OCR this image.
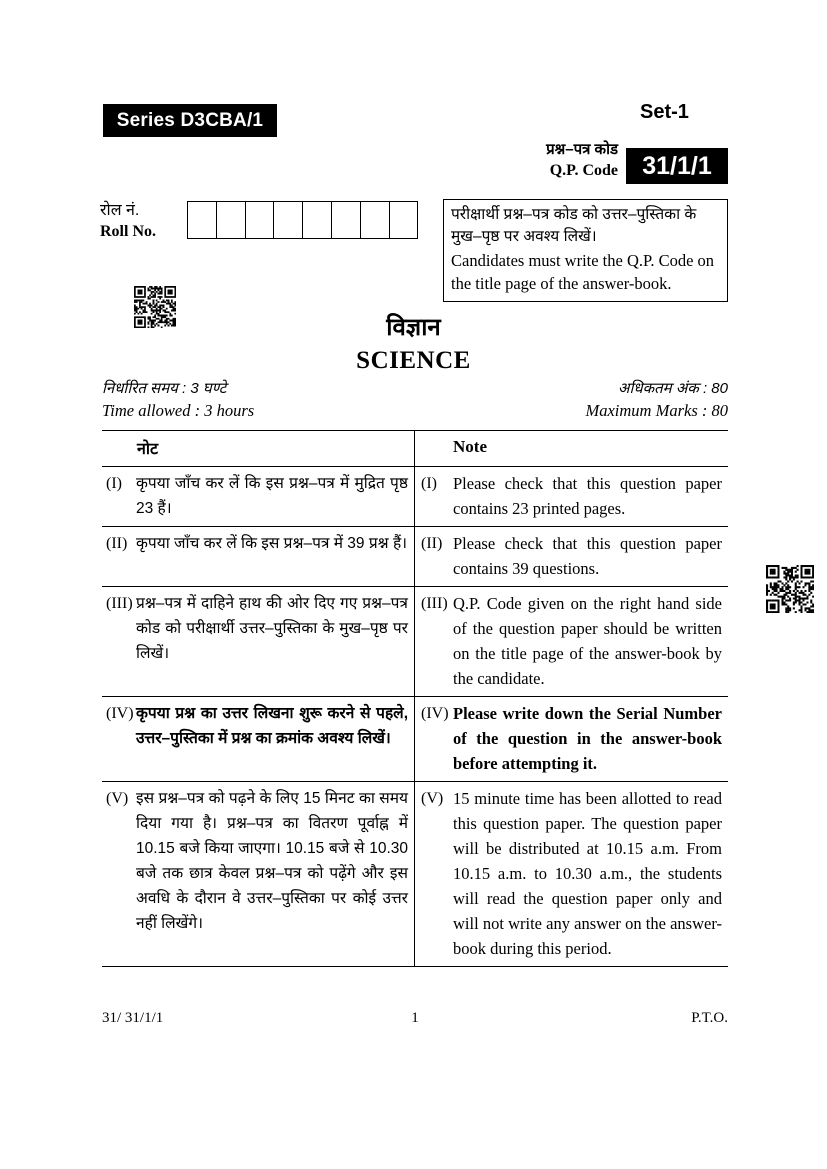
Series D3CBA/1	Set-1
प्रश्न–पत्र कोड
Q.P. Code 31/1/1
रोल नं.
Roll No.
परीक्षार्थी प्रश्न–पत्र कोड को उत्तर–पुस्तिका के मुख–पृष्ठ पर अवश्य लिखें।
Candidates must write the Q.P. Code on the title page of the answer-book.
विज्ञान
SCIENCE
निर्धारित समय : 3 घण्टे	अधिकतम अंक : 80
Time allowed : 3 hours	Maximum Marks : 80
नोट	Note
(I) कृपया जाँच कर लें कि इस प्रश्न–पत्र में मुद्रित पृष्ठ 23 हैं।
(I) Please check that this question paper contains 23 printed pages.
(II) कृपया जाँच कर लें कि इस प्रश्न–पत्र में 39 प्रश्न हैं। (II) Please check that this question paper contains 39 questions.
(III) प्रश्न–पत्र में दाहिने हाथ की ओर दिए गए प्रश्न–पत्र कोड को परीक्षार्थी उत्तर–पुस्तिका के मुख–पृष्ठ पर लिखें।
(III) Q.P. Code given on the right hand side of the question paper should be written on the title page of the answer-book by the candidate.
(IV) कृपया प्रश्न का उत्तर लिखना शुरू करने से पहले, उत्तर–पुस्तिका में प्रश्न का क्रमांक अवश्य लिखें।
(IV) Please write down the Serial Number of the question in the answer-book before attempting it.
(V) इस प्रश्न–पत्र को पढ़ने के लिए 15 मिनट का समय दिया गया है। प्रश्न–पत्र का वितरण पूर्वाह्न में 10.15 बजे किया जाएगा। 10.15 बजे से 10.30 बजे तक छात्र केवल प्रश्न–पत्र को पढ़ेंगे और इस अवधि के दौरान वे उत्तर–पुस्तिका पर कोई उत्तर नहीं लिखेंगे।
(V) 15 minute time has been allotted to read this question paper. The question paper will be distributed at 10.15 a.m. From 10.15 a.m. to 10.30 a.m., the students will read the question paper only and will not write any answer on the answer-book during this period.
31/ 31/1/1	1	P.T.O.
